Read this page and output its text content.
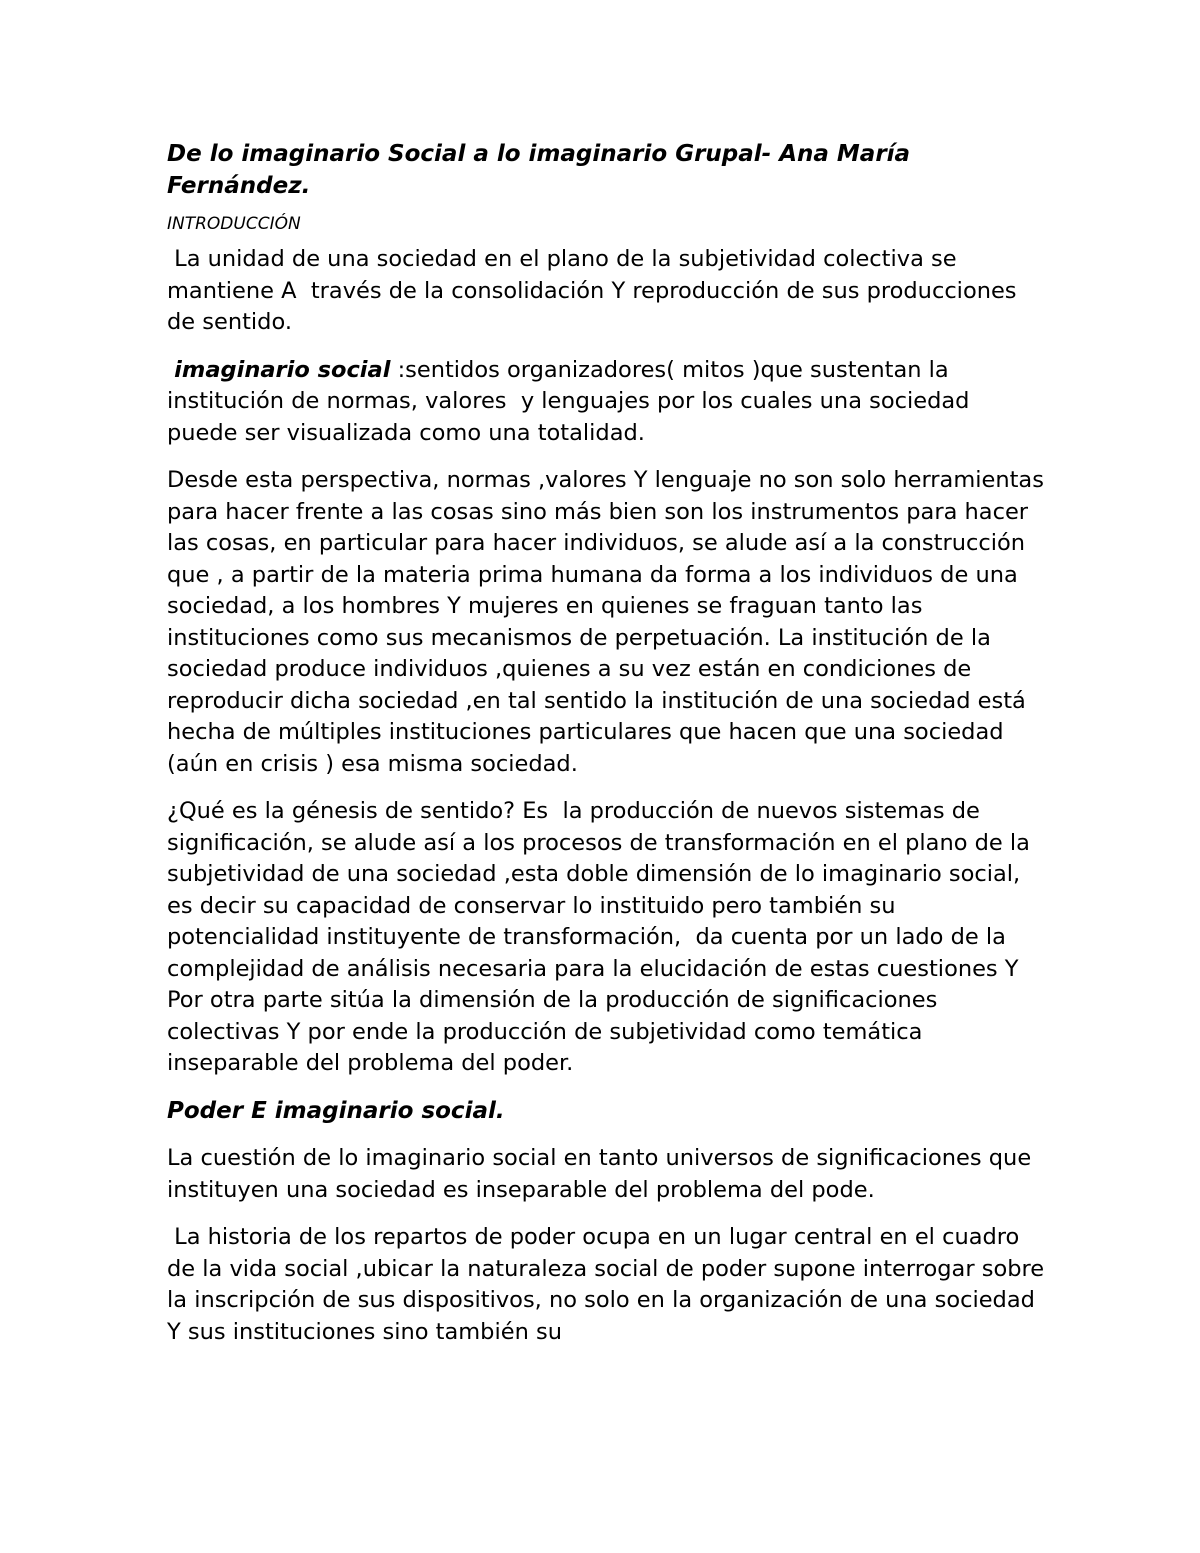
De lo imaginario Social a lo imaginario Grupal- Ana María Fernández.
INTRODUCCIÓN

La unidad de una sociedad en el plano de la subjetividad colectiva se mantiene A  través de la consolidación Y reproducción de sus producciones de sentido.

imaginario social :sentidos organizadores( mitos )que sustentan la institución de normas, valores  y lenguajes por los cuales una sociedad puede ser visualizada como una totalidad.

Desde esta perspectiva, normas ,valores Y lenguaje no son solo herramientas para hacer frente a las cosas sino más bien son los instrumentos para hacer las cosas, en particular para hacer individuos, se alude así a la construcción que , a partir de la materia prima humana da forma a los individuos de una sociedad, a los hombres Y mujeres en quienes se fraguan tanto las instituciones como sus mecanismos de perpetuación. La institución de la sociedad produce individuos ,quienes a su vez están en condiciones de reproducir dicha sociedad ,en tal sentido la institución de una sociedad está hecha de múltiples instituciones particulares que hacen que una sociedad (aún en crisis ) esa misma sociedad.

¿Qué es la génesis de sentido? Es  la producción de nuevos sistemas de significación, se alude así a los procesos de transformación en el plano de la subjetividad de una sociedad ,esta doble dimensión de lo imaginario social, es decir su capacidad de conservar lo instituido pero también su potencialidad instituyente de transformación,  da cuenta por un lado de la complejidad de análisis necesaria para la elucidación de estas cuestiones Y Por otra parte sitúa la dimensión de la producción de significaciones colectivas Y por ende la producción de subjetividad como temática inseparable del problema del poder.

Poder E imaginario social.

La cuestión de lo imaginario social en tanto universos de significaciones que instituyen una sociedad es inseparable del problema del pode.

La historia de los repartos de poder ocupa en un lugar central en el cuadro de la vida social ,ubicar la naturaleza social de poder supone interrogar sobre la inscripción de sus dispositivos, no solo en la organización de una sociedad Y sus instituciones sino también su
